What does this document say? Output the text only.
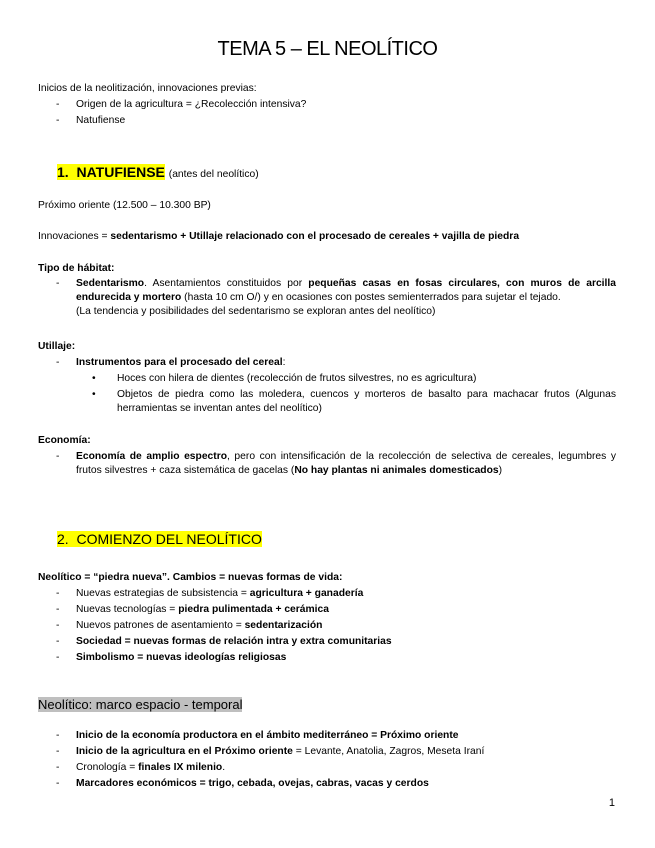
TEMA 5 – EL NEOLÍTICO
Inicios de la neolitización, innovaciones previas:
-	Origen de la agricultura = ¿Recolección intensiva?
-	Natufiense
1. NATUFIENSE (antes del neolítico)
Próximo oriente (12.500 – 10.300 BP)
Innovaciones = sedentarismo + Utillaje relacionado con el procesado de cereales + vajilla de piedra
Tipo de hábitat:
-	Sedentarismo. Asentamientos constituidos por pequeñas casas en fosas circulares, con muros de arcilla endurecida y mortero (hasta 10 cm O/) y en ocasiones con postes semienterrados para sujetar el tejado.
(La tendencia y posibilidades del sedentarismo se exploran antes del neolítico)
Utillaje:
-	Instrumentos para el procesado del cereal:
• Hoces con hilera de dientes (recolección de frutos silvestres, no es agricultura)
• Objetos de piedra como las moledera, cuencos y morteros de basalto para machacar frutos (Algunas herramientas se inventan antes del neolítico)
Economía:
-	Economía de amplio espectro, pero con intensificación de la recolección de selectiva de cereales, legumbres y frutos silvestres + caza sistemática de gacelas (No hay plantas ni animales domesticados)
2. COMIENZO DEL NEOLÍTICO
Neolítico = “piedra nueva”. Cambios = nuevas formas de vida:
-	Nuevas estrategias de subsistencia = agricultura + ganadería
-	Nuevas tecnologías = piedra pulimentada + cerámica
-	Nuevos patrones de asentamiento = sedentarización
-	Sociedad = nuevas formas de relación intra y extra comunitarias
-	Simbolismo = nuevas ideologías religiosas
Neolítico: marco espacio - temporal
-	Inicio de la economía productora en el ámbito mediterráneo = Próximo oriente
-	Inicio de la agricultura en el Próximo oriente = Levante, Anatolia, Zagros, Meseta Iraní
-	Cronología = finales IX milenio.
-	Marcadores económicos = trigo, cebada, ovejas, cabras, vacas y cerdos
1
